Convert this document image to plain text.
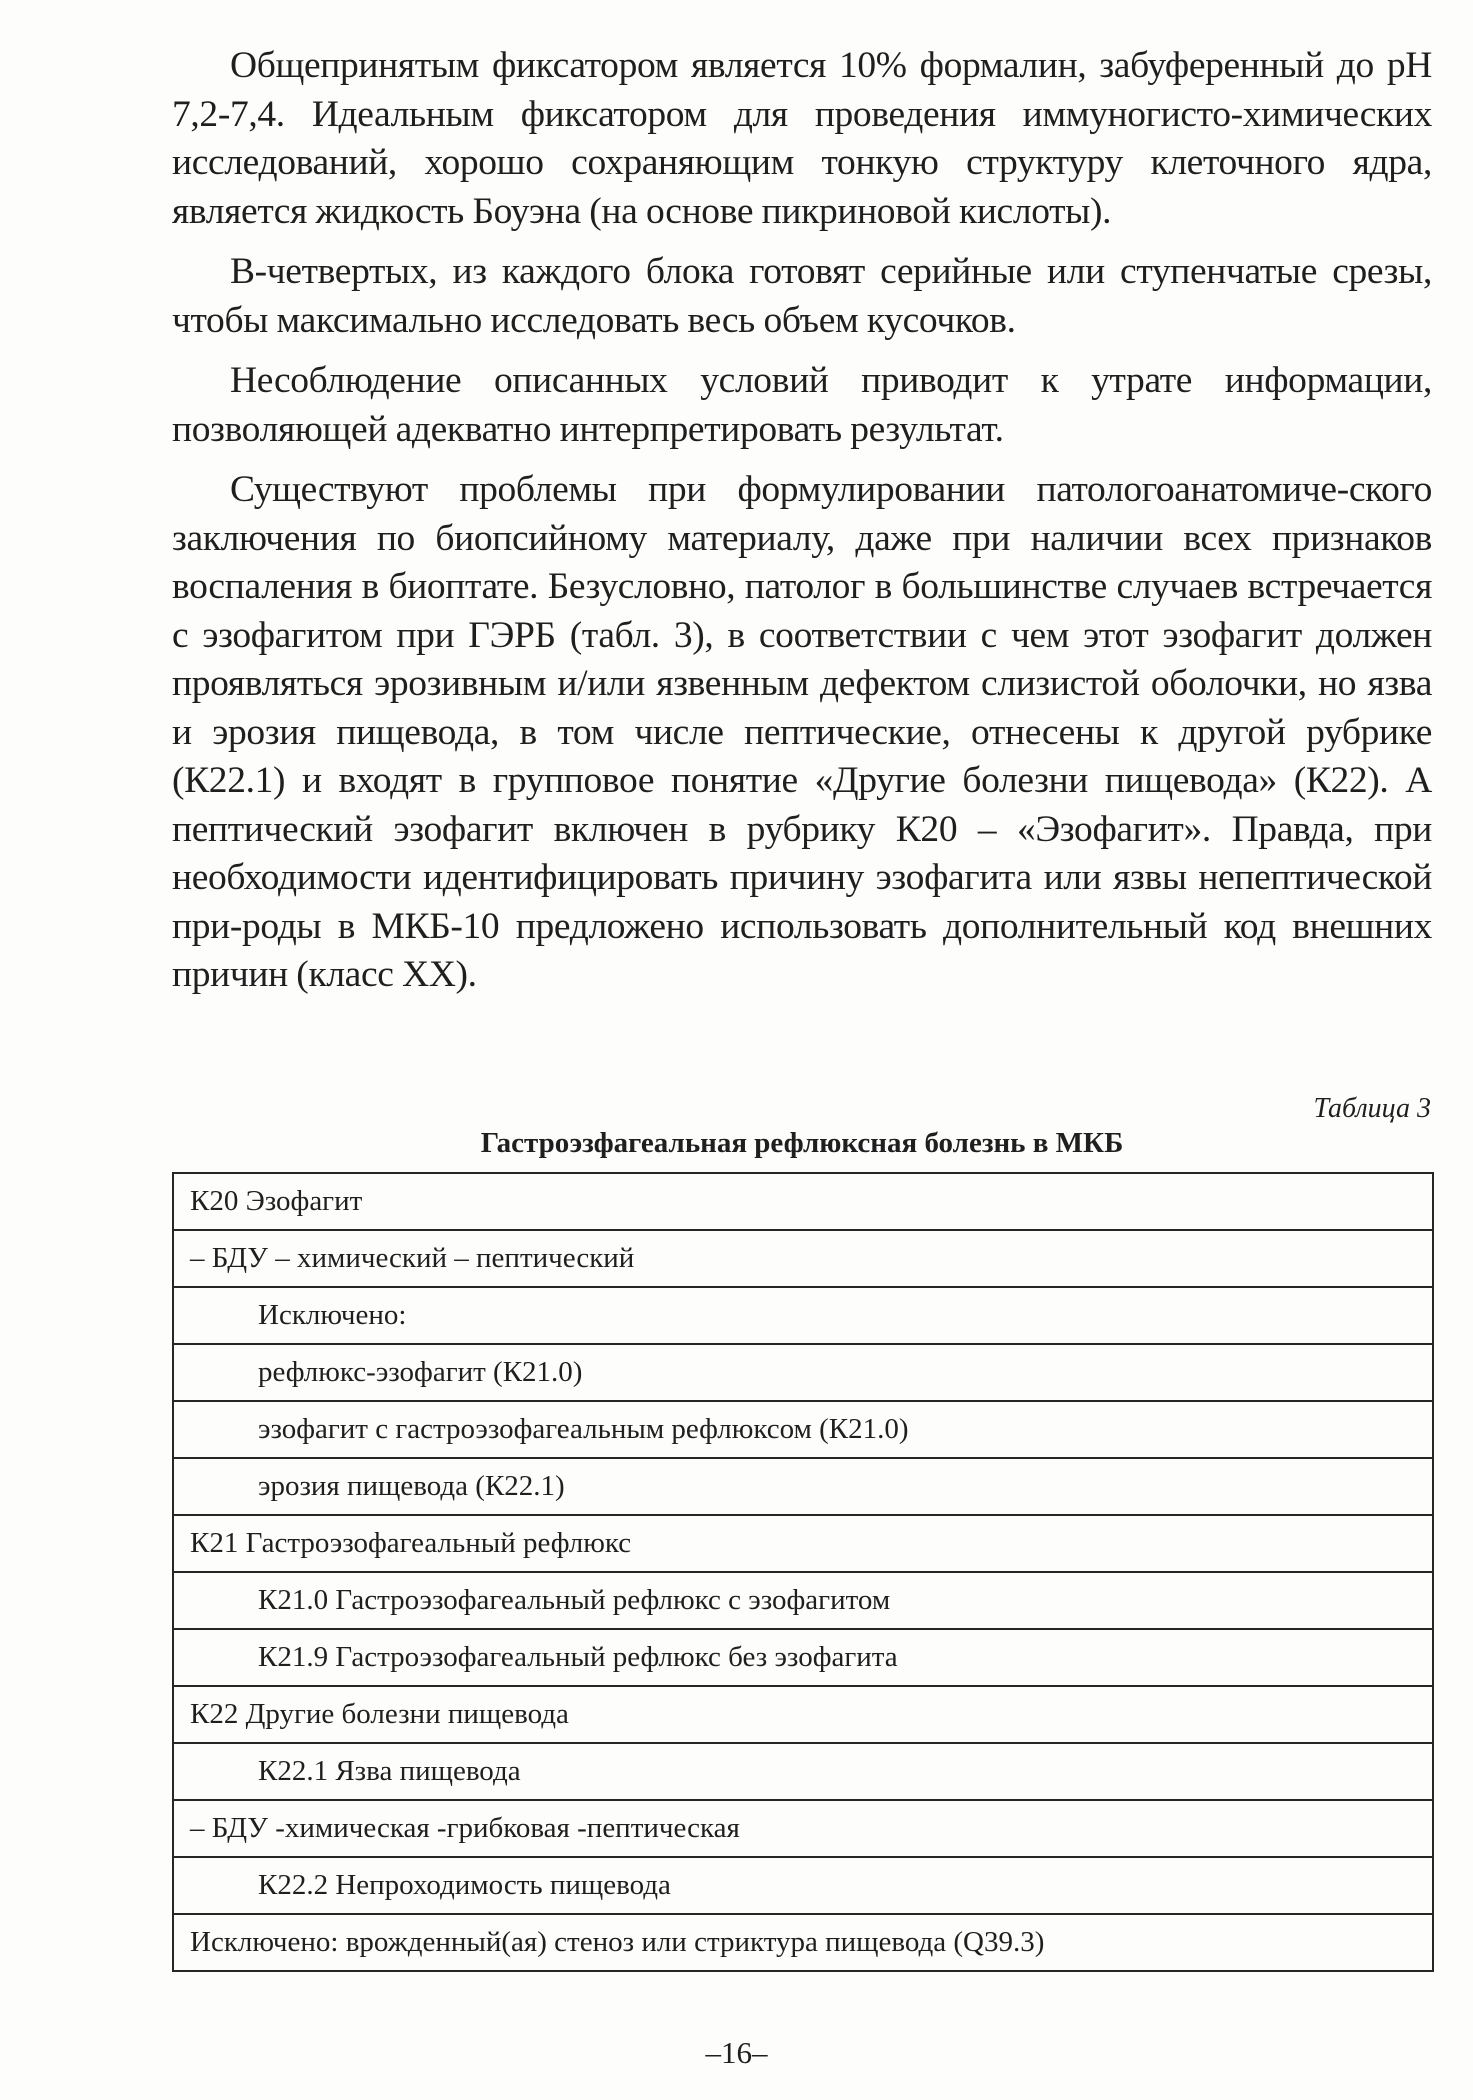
Общепринятым фиксатором является 10% формалин, забуференный до pH 7,2-7,4. Идеальным фиксатором для проведения иммуногисто-химических исследований, хорошо сохраняющим тонкую структуру клеточного ядра, является жидкость Боуэна (на основе пикриновой кислоты).

В-четвертых, из каждого блока готовят серийные или ступенчатые срезы, чтобы максимально исследовать весь объем кусочков.

Несоблюдение описанных условий приводит к утрате информации, позволяющей адекватно интерпретировать результат.

Существуют проблемы при формулировании патологоанатомиче-ского заключения по биопсийному материалу, даже при наличии всех признаков воспаления в биоптате. Безусловно, патолог в большинстве случаев встречается с эзофагитом при ГЭРБ (табл. 3), в соответствии с чем этот эзофагит должен проявляться эрозивным и/или язвенным дефектом слизистой оболочки, но язва и эрозия пищевода, в том числе пептические, отнесены к другой рубрике (К22.1) и входят в групповое понятие «Другие болезни пищевода» (К22). А пептический эзофагит включен в рубрику К20 – «Эзофагит». Правда, при необходимости идентифицировать причину эзофагита или язвы непептической при-роды в МКБ-10 предложено использовать дополнительный код внешних причин (класс XX).

Таблица 3
Гастроэзфагеальная рефлюксная болезнь в МКБ
К20 Эзофагит
– БДУ – химический – пептический
Исключено:
рефлюкс-эзофагит (К21.0)
эзофагит с гастроэзофагеальным рефлюксом (К21.0)
эрозия пищевода (К22.1)
К21 Гастроэзофагеальный рефлюкс
К21.0 Гастроэзофагеальный рефлюкс с эзофагитом
К21.9 Гастроэзофагеальный рефлюкс без эзофагита
К22 Другие болезни пищевода
К22.1 Язва пищевода
– БДУ -химическая -грибковая -пептическая
К22.2 Непроходимость пищевода
Исключено: врожденный(ая) стеноз или стриктура пищевода (Q39.3)
–16–
